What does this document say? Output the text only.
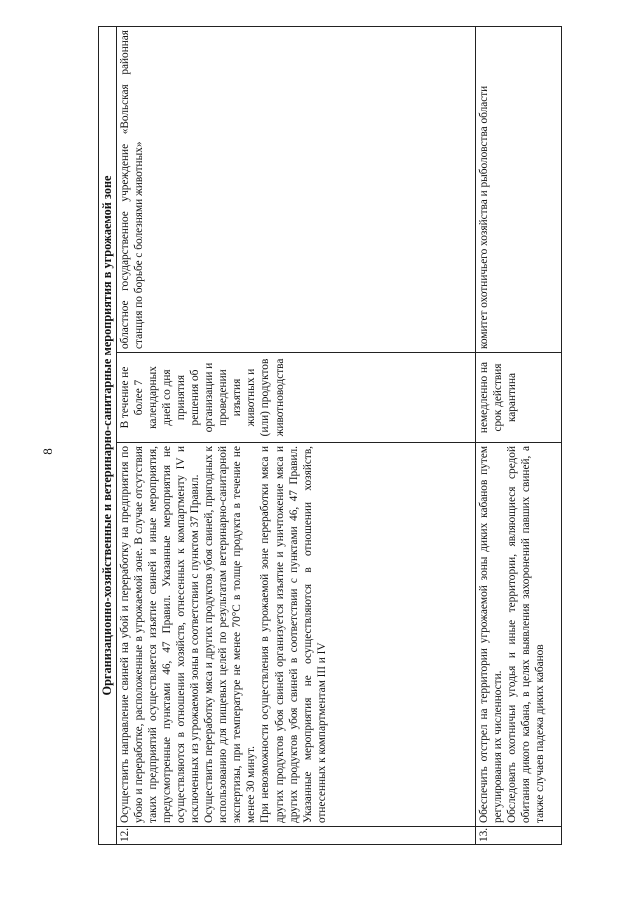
8	Организационно-хозяйственные и ветеринарно-санитарные мероприятия в угрожаемой зоне			
12.	Осуществить направление свиней на убой и переработку на предприятия по убою и переработке, расположенные в угрожаемой зоне. В случае отсутствия таких предприятий осуществляется изъятие свиней и иные мероприятия, предусмотренные пунктами 46, 47 Правил. Указанные мероприятия не осуществляются в отношении хозяйств, отнесенных к компартменту IV и исключенных из угрожаемой зоны в соответствии с пунктом 37 Правил. Осуществить переработку мяса и других продуктов убоя свиней, пригодных к использованию для пищевых целей по результатам ветеринарно-санитарной экспертизы, при температуре не менее 70°С в толще продукта в течение не менее 30 минут. При невозможности осуществления в угрожаемой зоне переработки мяса и других продуктов убоя свиней организуется изъятие и уничтожение мяса и других продуктов убоя свиней в соответствии с пунктами 46, 47 Правил. Указанные мероприятия не осуществляются в отношении хозяйств, отнесенных к компартментам III и IV	В течение не более 7 календарных дней со дня принятия решения об организации и проведении изъятия животных и (или) продуктов животноводства	областное государственное учреждение «Вольская районная станция по борьбе с болезнями животных»
13.	Обеспечить отстрел на территории угрожаемой зоны диких кабанов путем регулирования их численности. Обследовать охотничьи угодья и иные территории, являющиеся средой обитания дикого кабана, в целях выявления захоронений павших свиней, а также случаев падежа диких кабанов	немедленно на срок действия карантина	комитет охотничьего хозяйства и рыболовства области
